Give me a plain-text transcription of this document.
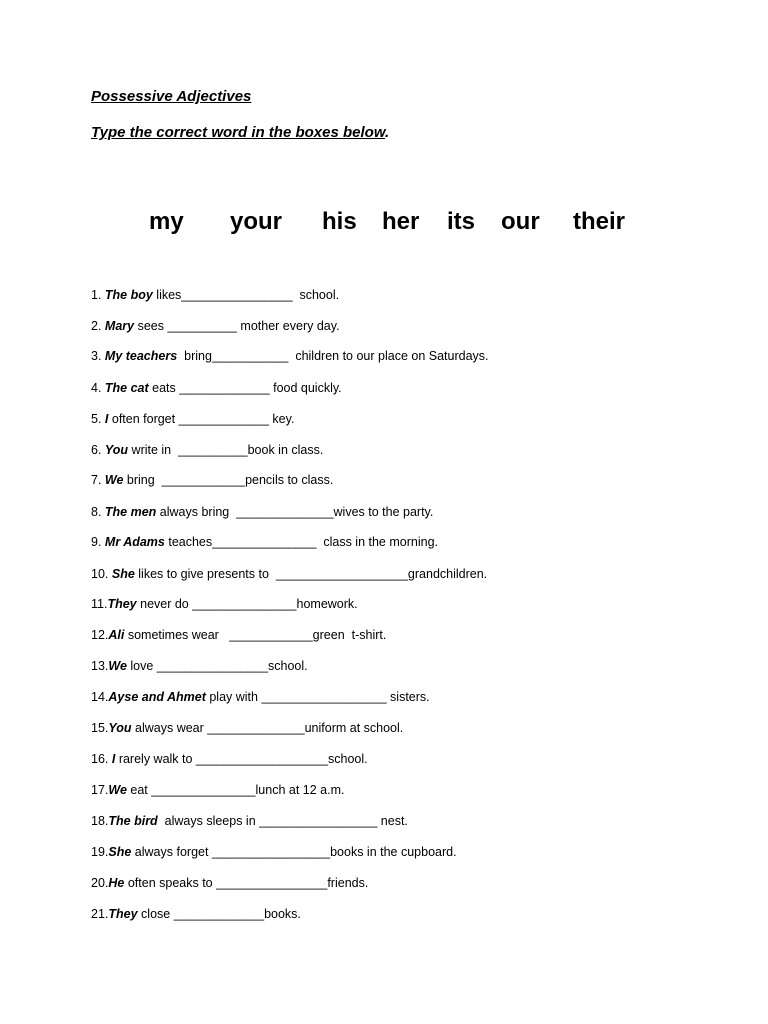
Possessive Adjectives
Type the correct word in the boxes below.
my your his her its our their
1. The boy likes________________  school.
2. Mary sees __________ mother every day.
3. My teachers  bring___________  children to our place on Saturdays.
4. The cat eats _____________ food quickly.
5. I often forget _____________ key.
6. You write in  __________book in class.
7. We bring  ____________pencils to class.
8. The men always bring  ______________wives to the party.
9. Mr Adams teaches_______________  class in the morning.
10. She likes to give presents to  ___________________grandchildren.
11.They never do _______________homework.
12.Ali sometimes wear   ____________green  t-shirt.
13.We love ________________school.
14.Ayse and Ahmet play with __________________ sisters.
15.You always wear ______________uniform at school.
16. I rarely walk to ___________________school.
17.We eat _______________lunch at 12 a.m.
18.The bird  always sleeps in _________________ nest.
19.She always forget _________________books in the cupboard.
20.He often speaks to ________________friends.
21.They close _____________books.
